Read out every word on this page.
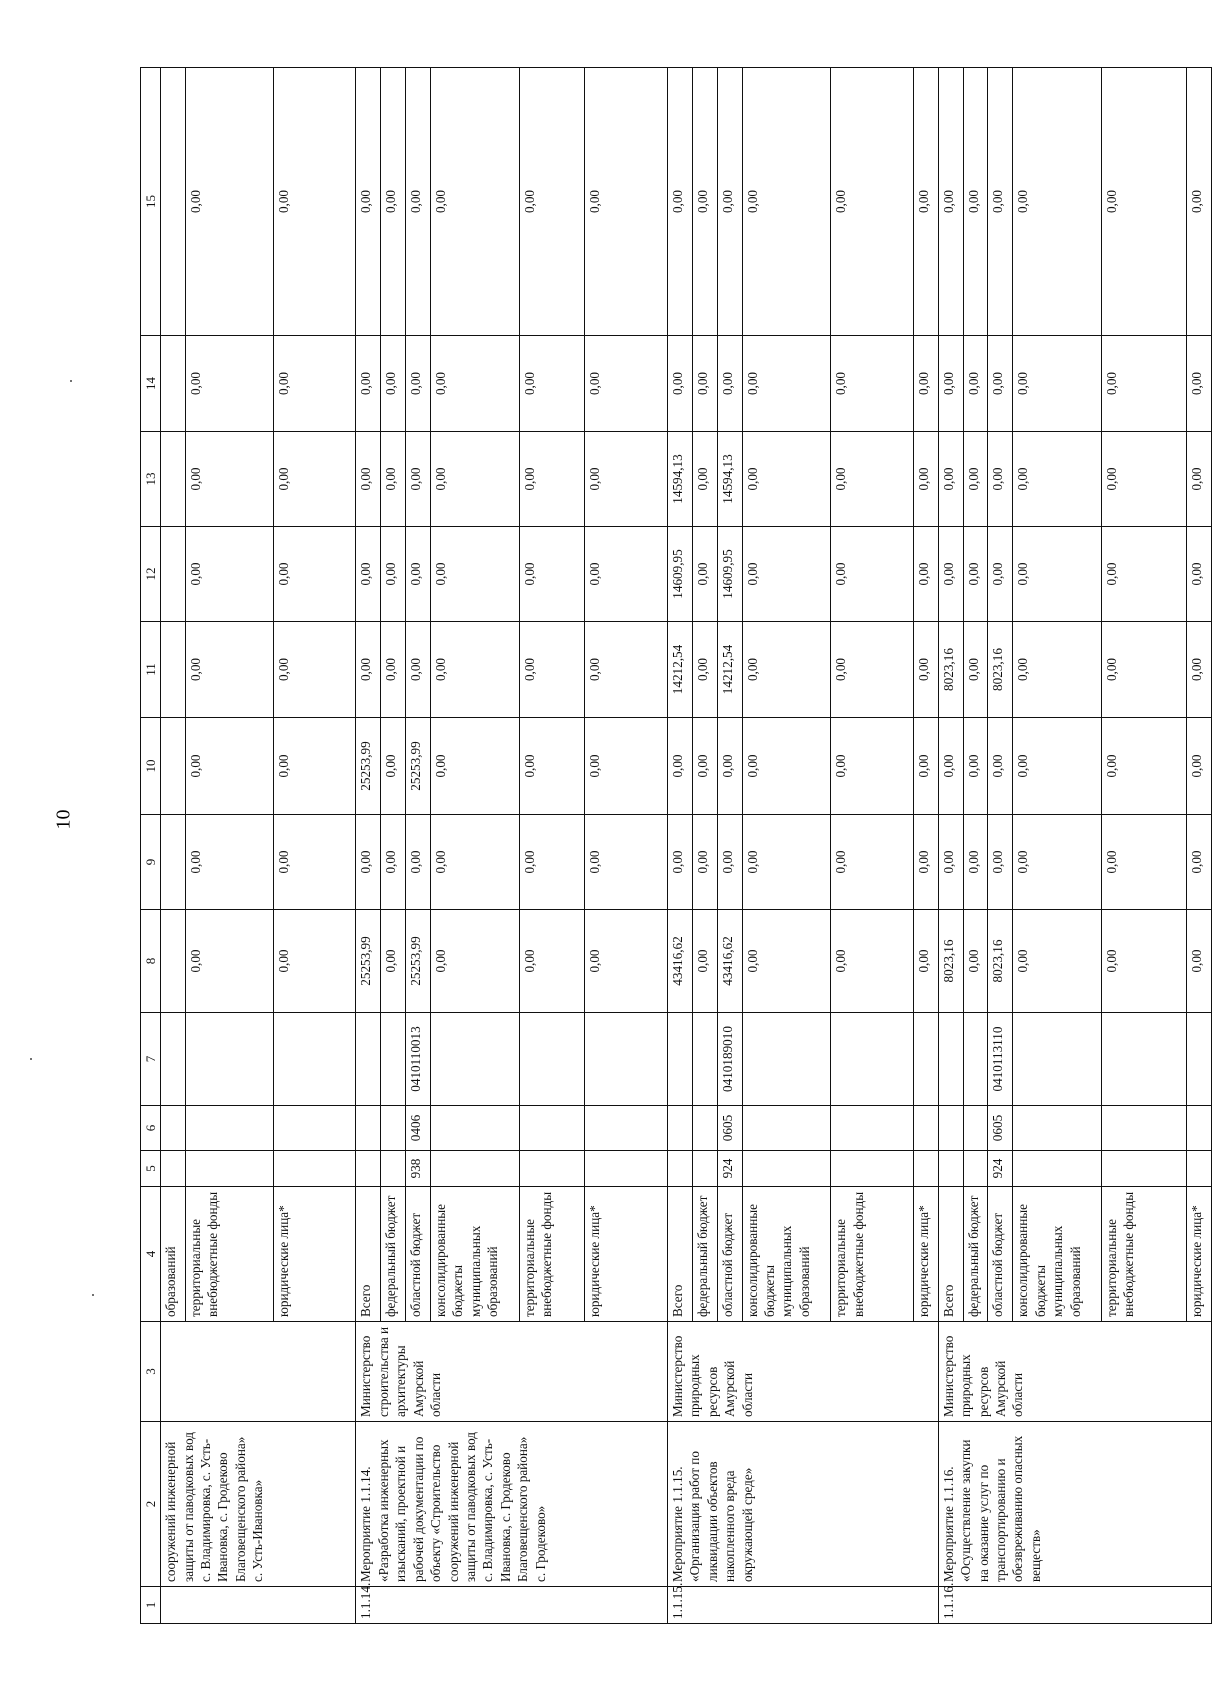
10
1	2	3	4	5	6	7	8	9	10	11	12	13	14	15
	сооружений инженерной защиты от паводковых вод с. Владимировка, с. Усть-Ивановка, с. Гродеково Благовещенского района» с. Усть-Ивановка»		образований											
			территориальные внебюджетные фонды				0,00	0,00	0,00	0,00	0,00	0,00	0,00	0,00
			юридические лица*				0,00	0,00	0,00	0,00	0,00	0,00	0,00	0,00
1.1.14.	Мероприятие 1.1.14. «Разработка инженерных изысканий, проектной и рабочей документации по объекту «Строительство сооружений инженерной защиты от паводковых вод с. Владимировка, с. Усть-Ивановка, с. Гродеково Благовещенского района» с. Гродеково»	Министерство строительства и архитектуры Амурской области	Всего				25253,99	0,00	25253,99	0,00	0,00	0,00	0,00	0,00
			федеральный бюджет				0,00	0,00	0,00	0,00	0,00	0,00	0,00	0,00
			областной бюджет	938	0406	0410110013	25253,99	0,00	25253,99	0,00	0,00	0,00	0,00	0,00
			консолидированные бюджеты муниципальных образований				0,00	0,00	0,00	0,00	0,00	0,00	0,00	0,00
			территориальные внебюджетные фонды				0,00	0,00	0,00	0,00	0,00	0,00	0,00	0,00
			юридические лица*				0,00	0,00	0,00	0,00	0,00	0,00	0,00	0,00
1.1.15.	Мероприятие 1.1.15. «Организация работ по ликвидации объектов накопленного вреда окружающей среде»	Министерство природных ресурсов Амурской области	Всего				43416,62	0,00	0,00	14212,54	14609,95	14594,13	0,00	0,00
			федеральный бюджет				0,00	0,00	0,00	0,00	0,00	0,00	0,00	0,00
			областной бюджет	924	0605	0410189010	43416,62	0,00	0,00	14212,54	14609,95	14594,13	0,00	0,00
			консолидированные бюджеты муниципальных образований				0,00	0,00	0,00	0,00	0,00	0,00	0,00	0,00
			территориальные внебюджетные фонды				0,00	0,00	0,00	0,00	0,00	0,00	0,00	0,00
			юридические лица*				0,00	0,00	0,00	0,00	0,00	0,00	0,00	0,00
1.1.16.	Мероприятие 1.1.16. «Осуществление закупки на оказание услуг по транспортированию и обезвреживанию опасных веществ»	Министерство природных ресурсов Амурской области	Всего				8023,16	0,00	0,00	8023,16	0,00	0,00	0,00	0,00
			федеральный бюджет				0,00	0,00	0,00	0,00	0,00	0,00	0,00	0,00
			областной бюджет	924	0605	0410113110	8023,16	0,00	0,00	8023,16	0,00	0,00	0,00	0,00
			консолидированные бюджеты муниципальных образований				0,00	0,00	0,00	0,00	0,00	0,00	0,00	0,00
			территориальные внебюджетные фонды				0,00	0,00	0,00	0,00	0,00	0,00	0,00	0,00
			юридические лица*				0,00	0,00	0,00	0,00	0,00	0,00	0,00	0,00
